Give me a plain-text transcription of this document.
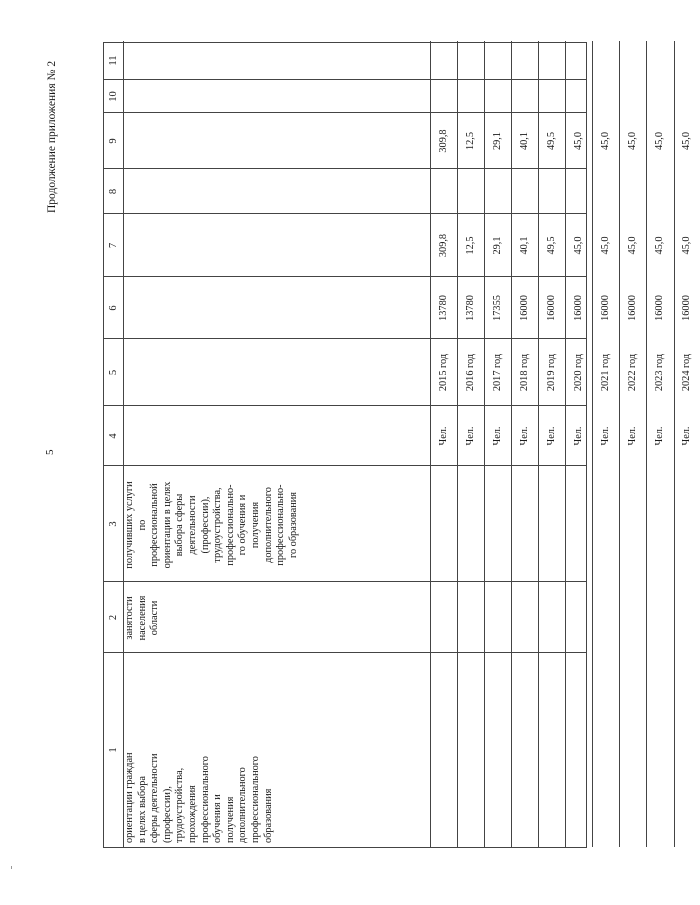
5
Продолжение приложения № 2
1
2
3
4
5
6
7
8
9
10
11
ориентации граждан в целях выбора сферы деятельности (профессии), трудоустройства, прохождения профессионального обучения и получения дополнительного профессионального образования
занятости населения области
получивших услуги по профессиональной ориентации в целях выбора сферы деятельности (профессии), трудоустройства, профессионально- го обучения и получения дополнительного профессионально- го образования
Чел.
2015 год
13780
309,8
309,8
Чел.
2016 год
13780
12,5
12,5
Чел.
2017 год
17355
29,1
29,1
Чел.
2018 год
16000
40,1
40,1
Чел.
2019 год
16000
49,5
49,5
Чел.
2020 год
16000
45,0
45,0
Чел.
2021 год
16000
45,0
45,0
Чел.
2022 год
16000
45,0
45,0
Чел.
2023 год
16000
45,0
45,0
Чел.
2024 год
16000
45,0
45,0
